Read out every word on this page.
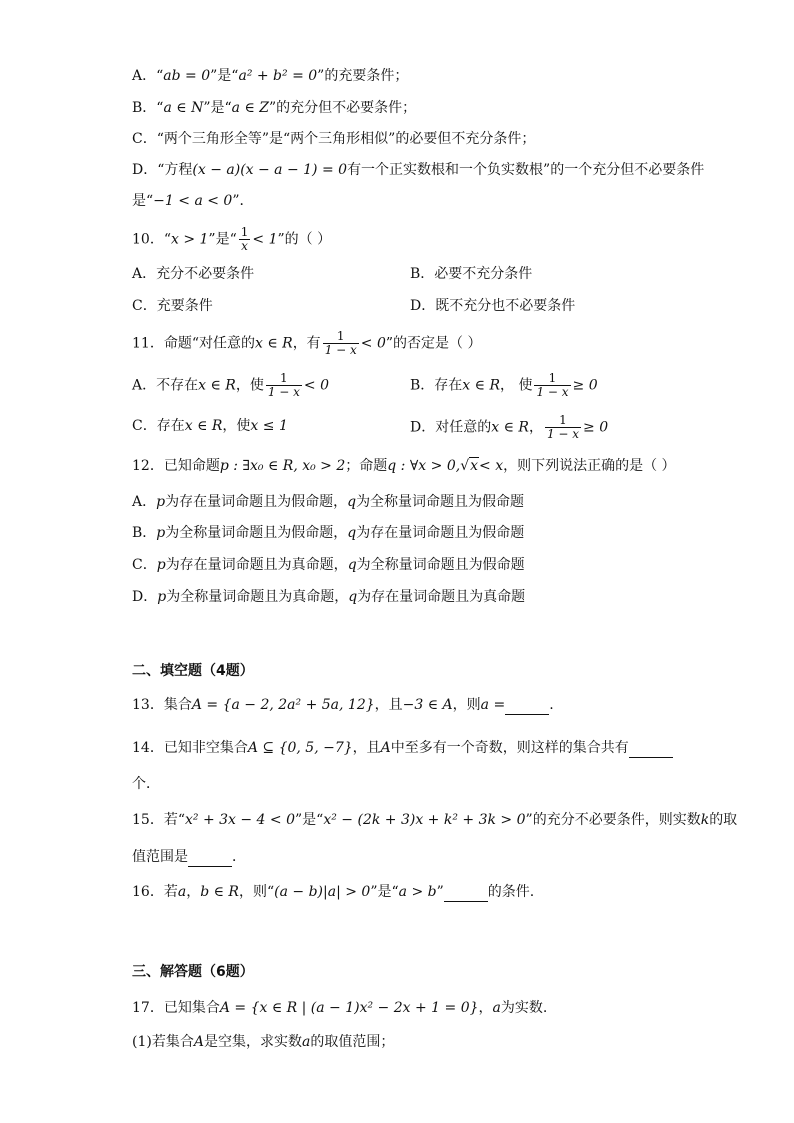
A．“ab = 0”是“a² + b² = 0”的充要条件；
B．“a ∈ N”是“a ∈ Z”的充分但不必要条件；
C．“两个三角形全等”是“两个三角形相似”的必要但不充分条件；
D．“方程(x − a)(x − a − 1) = 0有一个正实数根和一个负实数根”的一个充分但不必要条件
是“−1 < a < 0”．
10．“x > 1”是“ $\frac{1}{x} < 1$”的（ ）
A．充分不必要条件	B．必要不充分条件
C．充要条件	D．既不充分也不必要条件
11．命题“对任意的x ∈ R，有 $\frac{1}{1 - x} < 0$”的否定是（ ）
A．不存在x ∈ R，使 $\frac{1}{1 - x} < 0$	B．存在x ∈ R， 使 $\frac{1}{1 - x} \ge 0$
C．存在x ∈ R，使x ≤ 1	D．对任意的x ∈ R， $\frac{1}{1 - x} \ge 0$
12．已知命题p : ∃x₀ ∈ R, x₀ > 2；命题q : ∀x > 0,√x< x，则下列说法正确的是（ ）
A．p为存在量词命题且为假命题，q为全称量词命题且为假命题
B．p为全称量词命题且为假命题，q为存在量词命题且为假命题
C．p为存在量词命题且为真命题，q为全称量词命题且为假命题
D．p为全称量词命题且为真命题，q为存在量词命题且为真命题
二、填空题（4题）
13．集合A = {a − 2, 2a² + 5a, 12}，且−3 ∈ A，则a =	.
14．已知非空集合A ⊆ {0, 5, −7}，且A中至多有一个奇数，则这样的集合共有
个．
15．若“x² + 3x − 4 < 0”是“x² − (2k + 3)x + k² + 3k > 0”的充分不必要条件，则实数k的取
值范围是	．
16．若a，b ∈ R，则“(a − b)|a| > 0”是“a > b”	的条件.
三、解答题（6题）
17．已知集合A = {x ∈ R | (a − 1)x² − 2x + 1 = 0}，a为实数.
(1)若集合A是空集，求实数a的取值范围；
